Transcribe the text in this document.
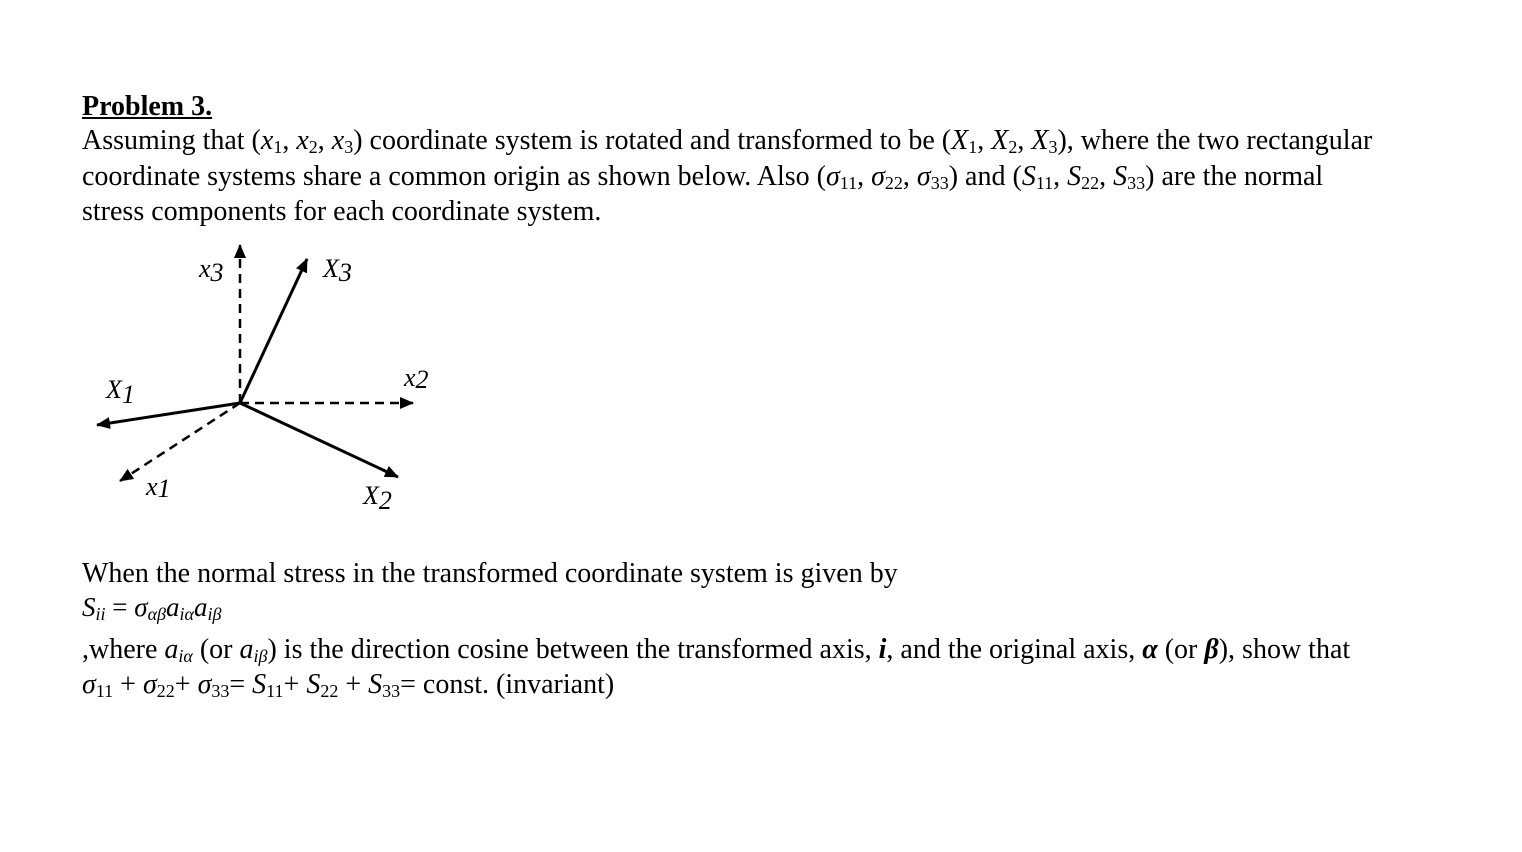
Problem 3.
Assuming that ($x_1$, $x_2$, $x_3$) coordinate system is rotated and transformed to be ($X_1$, $X_2$, $X_3$), where the two rectangular
coordinate systems share a common origin as shown below. Also ($\sigma_{11}$, $\sigma_{22}$, $\sigma_{33}$) and ($S_{11}$, $S_{22}$, $S_{33}$) are the normal
stress components for each coordinate system.
x3	X3
X1
x2
x1	X2
When the normal stress in the transformed coordinate system is given by
$S_{ii} = \sigma_{\alpha\beta}a_{i\alpha}a_{i\beta}$
,where $a_{i\alpha}$ (or $a_{i\beta}$) is the direction cosine between the transformed axis, i, and the original axis, α (or β), show that
$\sigma_{11} + \sigma_{22}+ \sigma_{33}= S_{11}+ S_{22} + S_{33}=$ const. (invariant)
